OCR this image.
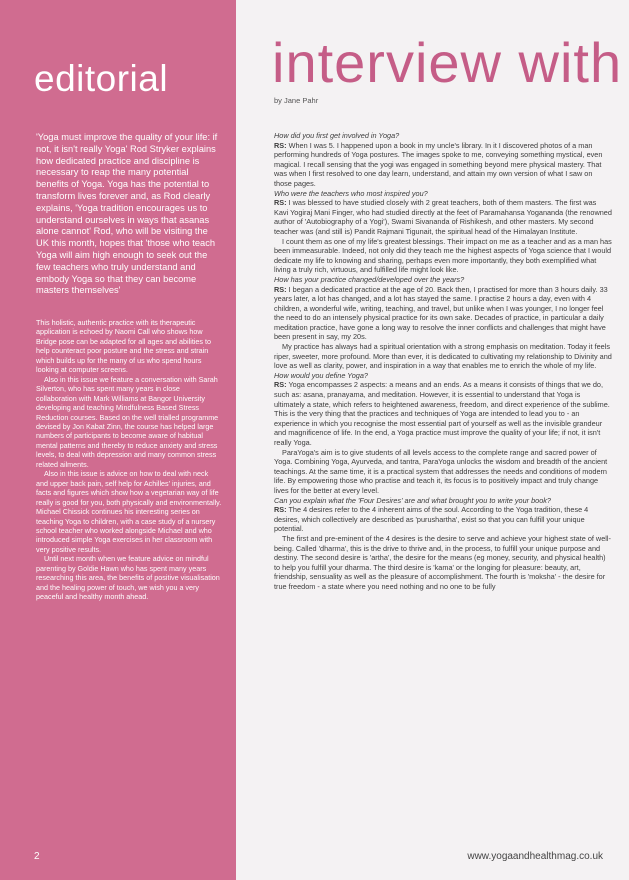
editorial

'Yoga must improve the quality of your life: if not, it isn't really Yoga' Rod Stryker explains how dedicated practice and discipline is necessary to reap the many potential benefits of Yoga. Yoga has the potential to transform lives forever and, as Rod clearly explains, 'Yoga tradition encourages us to understand ourselves in ways that asanas alone cannot' Rod, who will be visiting the UK this month, hopes that 'those who teach Yoga will aim high enough to seek out the few teachers who truly understand and embody Yoga so that they can become masters themselves'

This holistic, authentic practice with its therapeutic application is echoed by Naomi Call who shows how Bridge pose can be adapted for all ages and abilities to help counteract poor posture and the stress and strain which builds up for the many of us who spend hours looking at computer screens.

Also in this issue we feature a conversation with Sarah Silverton, who has spent many years in close collaboration with Mark Williams at Bangor University developing and teaching Mindfulness Based Stress Reduction courses. Based on the well trialled programme devised by Jon Kabat Zinn, the course has helped large numbers of participants to become aware of habitual mental patterns and thereby to reduce anxiety and stress levels, to deal with depression and many common stress related ailments.

Also in this issue is advice on how to deal with neck and upper back pain, self help for Achilles' injuries, and facts and figures which show how a vegetarian way of life really is good for you, both physically and environmentally. Michael Chissick continues his interesting series on teaching Yoga to children, with a case study of a nursery school teacher who worked alongside Michael and who introduced simple Yoga exercises in her classroom with very positive results.

Until next month when we feature advice on mindful parenting by Goldie Hawn who has spent many years researching this area, the benefits of positive visualisation and the healing power of touch, we wish you a very peaceful and healthy month ahead.

2
interview with
by Jane Pahr

How did you first get involved in Yoga?

RS: When I was 5. I happened upon a book in my uncle's library. In it I discovered photos of a man performing hundreds of Yoga postures. The images spoke to me, conveying something mystical, even magical. I recall sensing that the yogi was engaged in something beyond mere physical mastery. That was when I first resolved to one day learn, understand, and attain my own version of what I saw on those pages.

Who were the teachers who most inspired you?

RS: I was blessed to have studied closely with 2 great teachers, both of them masters. The first was Kavi Yogiraj Mani Finger, who had studied directly at the feet of Paramahansa Yogananda (the renowned author of 'Autobiography of a Yogi'), Swami Sivananda of Rishikesh, and other masters. My second teacher was (and still is) Pandit Rajmani Tigunait, the spiritual head of the Himalayan Institute.

I count them as one of my life's greatest blessings. Their impact on me as a teacher and as a man has been immeasurable. Indeed, not only did they teach me the highest aspects of Yoga science that I would dedicate my life to knowing and sharing, perhaps even more importantly, they both exemplified what living a truly rich, virtuous, and fulfilled life might look like.

How has your practice changed/developed over the years?

RS: I began a dedicated practice at the age of 20. Back then, I practised for more than 3 hours daily. 33 years later, a lot has changed, and a lot has stayed the same. I practise 2 hours a day, even with 4 children, a wonderful wife, writing, teaching, and travel, but unlike when I was younger, I no longer feel the need to do an intensely physical practice for its own sake. Decades of practice, in particular a daily meditation practice, have gone a long way to resolve the inner conflicts and challenges that might have been present in say, my 20s.

My practice has always had a spiritual orientation with a strong emphasis on meditation. Today it feels riper, sweeter, more profound. More than ever, it is dedicated to cultivating my relationship to Divinity and love as well as clarity, power, and inspiration in a way that enables me to enrich the whole of my life.

How would you define Yoga?

RS: Yoga encompasses 2 aspects: a means and an ends. As a means it consists of things that we do, such as: asana, pranayama, and meditation. However, it is essential to understand that Yoga is ultimately a state, which refers to heightened awareness, freedom, and direct experience of the sublime. This is the very thing that the practices and techniques of Yoga are intended to lead you to - an experience in which you recognise the most essential part of yourself as well as the invisible grandeur and magnificence of life. In the end, a Yoga practice must improve the quality of your life; if not, it isn't really Yoga.

ParaYoga's aim is to give students of all levels access to the complete range and sacred power of Yoga. Combining Yoga, Ayurveda, and tantra, ParaYoga unlocks the wisdom and breadth of the ancient teachings. At the same time, it is a practical system that addresses the needs and conditions of modern life. By empowering those who practise and teach it, its focus is to positively impact and truly change lives for the better at every level.

Can you explain what the 'Four Desires' are and what brought you to write your book?

RS: The 4 desires refer to the 4 inherent aims of the soul. According to the Yoga tradition, these 4 desires, which collectively are described as 'purushartha', exist so that you can fulfill your unique potential.

The first and pre-eminent of the 4 desires is the desire to serve and achieve your highest state of well-being. Called 'dharma', this is the drive to thrive and, in the process, to fulfill your unique purpose and destiny. The second desire is 'artha', the desire for the means (eg money, security, and physical health) to help you fulfill your dharma. The third desire is 'kama' or the longing for pleasure: beauty, art, friendship, sensuality as well as the pleasure of accomplishment. The fourth is 'moksha' - the desire for true freedom - a state where you need nothing and no one to be fully

www.yogaandhealthmag.co.uk
